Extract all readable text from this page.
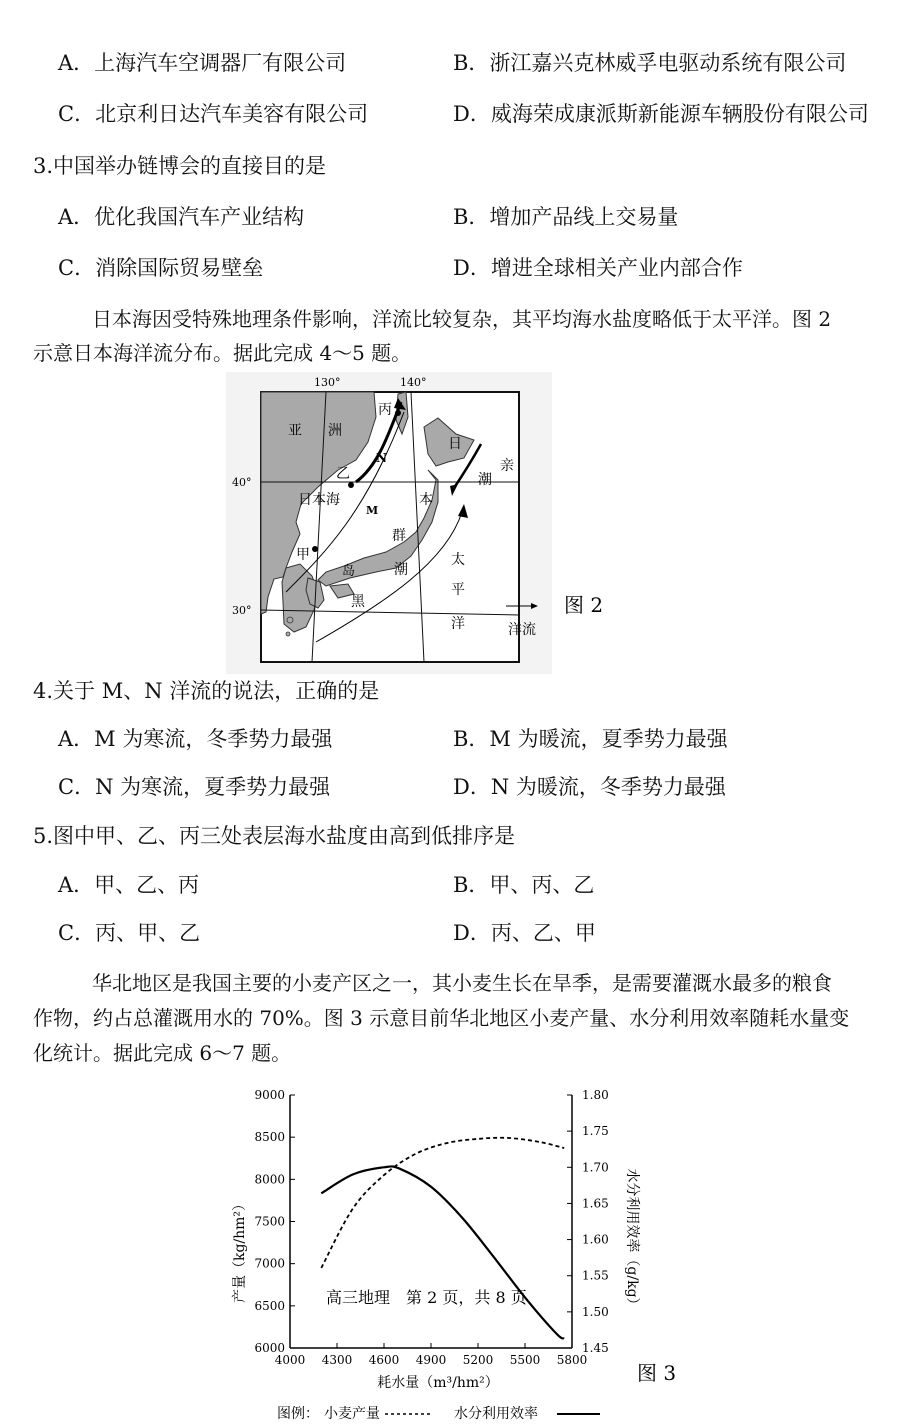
A．上海汽车空调器厂有限公司	B．浙江嘉兴克林威孚电驱动系统有限公司
C．北京利日达汽车美容有限公司	D．威海荣成康派斯新能源车辆股份有限公司
3.中国举办链博会的直接目的是
A．优化我国汽车产业结构	B．增加产品线上交易量
C．消除国际贸易壁垒	D．增进全球相关产业内部合作
日本海因受特殊地理条件影响，洋流比较复杂，其平均海水盐度略低于太平洋。图 2
示意日本海洋流分布。据此完成 4～5 题。
130°	140°
40°
30°
亚 洲
丙
乙
甲
N
M
日本海
日
本
群
岛
亲
潮
黑
潮
太
平
洋	洋流
图 2
4.关于 M、N 洋流的说法，正确的是
A．M 为寒流，冬季势力最强	B．M 为暖流，夏季势力最强
C．N 为寒流，夏季势力最强	D．N 为暖流，冬季势力最强
5.图中甲、乙、丙三处表层海水盐度由高到低排序是
A．甲、乙、丙	B．甲、丙、乙
C．丙、甲、乙	D．丙、乙、甲
华北地区是我国主要的小麦产区之一，其小麦生长在旱季，是需要灌溉水最多的粮食
作物，约占总灌溉用水的 70%。图 3 示意目前华北地区小麦产量、水分利用效率随耗水量变
化统计。据此完成 6～7 题。
4000 4300 4600 4900 5200 5500 5800
6000
6500
7000
7500
8000
8500
9000
1.45
1.50
1.55
1.60
1.65
1.70
1.75
1.80
高三地理　第 2 页，共 8 页
图 3
耗水量（m³/hm²）
产量（kg/hm²）	水分利用效率（g/kg）
图例： 小麦产量	水分利用效率
